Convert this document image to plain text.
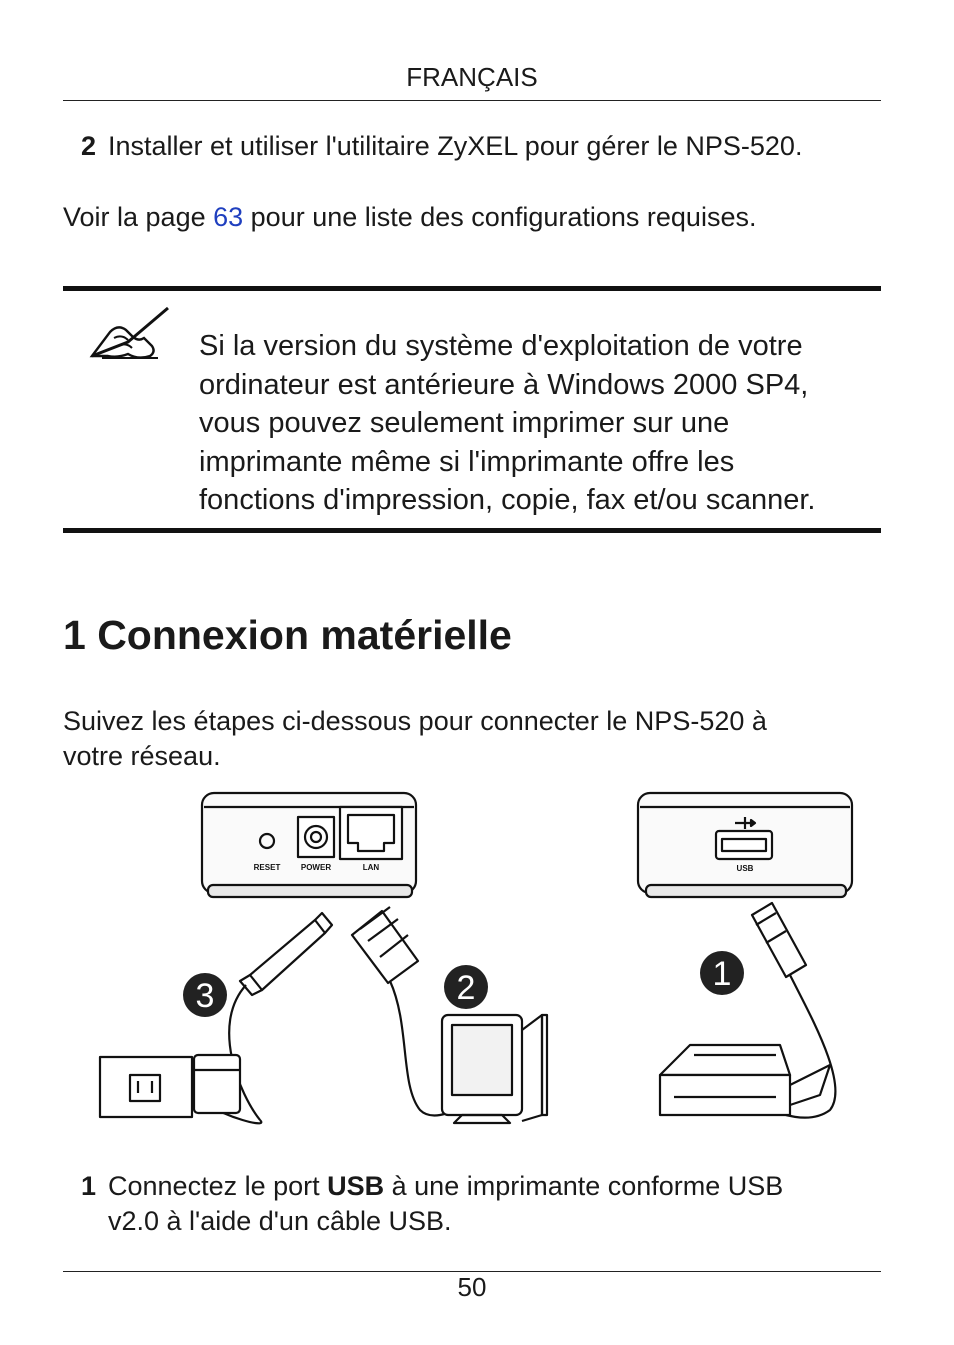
FRANÇAIS
2 Installer et utiliser l'utilitaire ZyXEL pour gérer le NPS-520.
Voir la page 63 pour une liste des configurations requises.
Si la version du système d'exploitation de votre
ordinateur est antérieure à Windows 2000 SP4,
vous pouvez seulement imprimer sur une
imprimante même si l'imprimante offre les
fonctions d'impression, copie, fax et/ou scanner.
1 Connexion matérielle
Suivez les étapes ci-dessous pour connecter le NPS-520 à
votre réseau.
RESET	POWER	LAN	USB
1
2
3
1 Connectez le port USB à une imprimante conforme USB
v2.0 à l'aide d'un câble USB.
50
